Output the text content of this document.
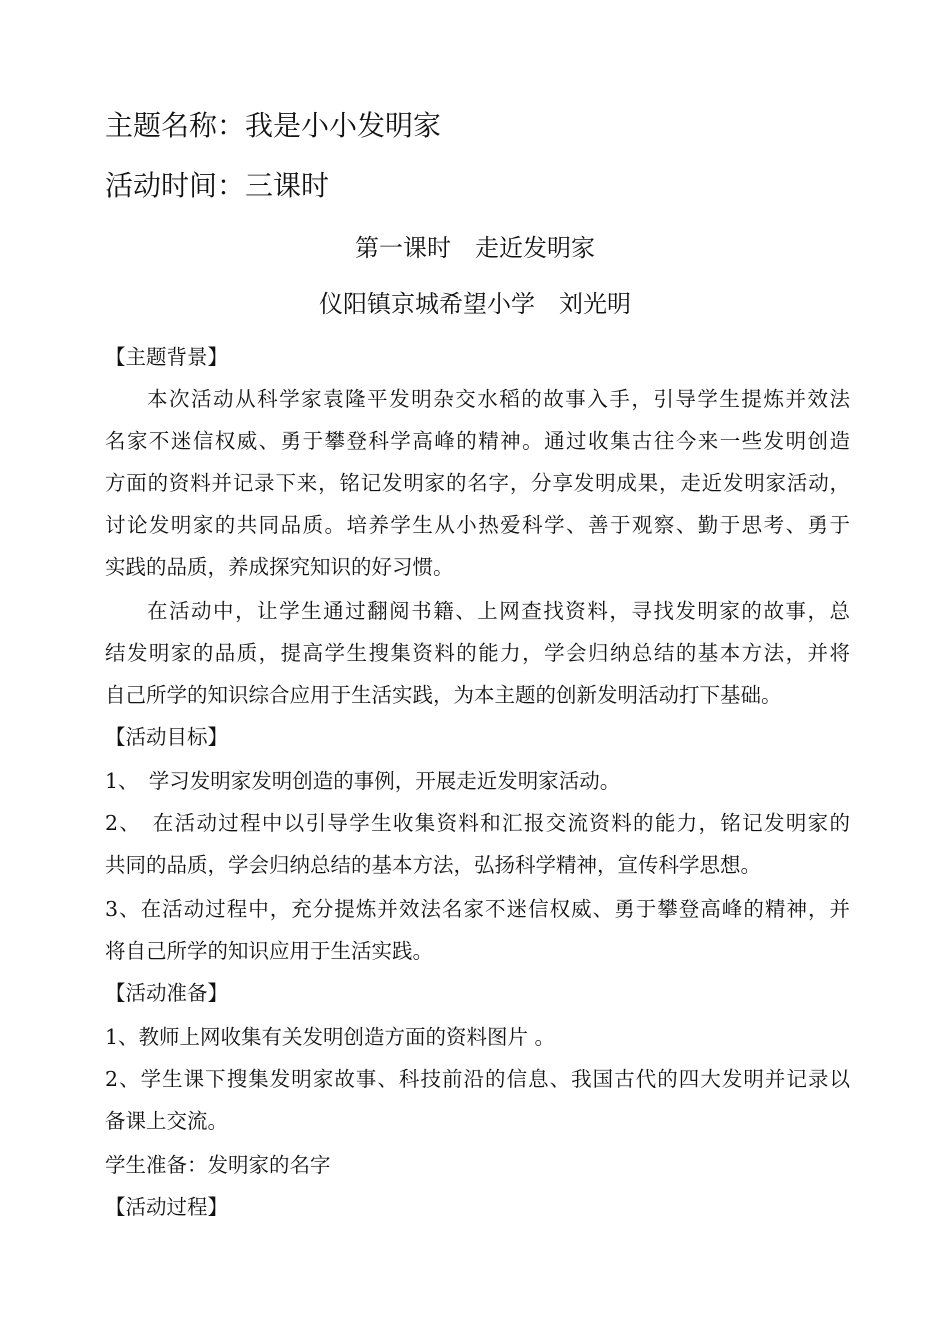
主题名称：我是小小发明家
活动时间：三课时
第一课时　走近发明家
仪阳镇京城希望小学　刘光明
【主题背景】
本次活动从科学家袁隆平发明杂交水稻的故事入手，引导学生提炼并效法
名家不迷信权威、勇于攀登科学高峰的精神。通过收集古往今来一些发明创造
方面的资料并记录下来，铭记发明家的名字，分享发明成果，走近发明家活动，
讨论发明家的共同品质。培养学生从小热爱科学、善于观察、勤于思考、勇于
实践的品质，养成探究知识的好习惯。
在活动中，让学生通过翻阅书籍、上网查找资料，寻找发明家的故事，总
结发明家的品质，提高学生搜集资料的能力，学会归纳总结的基本方法，并将
自己所学的知识综合应用于生活实践，为本主题的创新发明活动打下基础。
【活动目标】
1、　学习发明家发明创造的事例，开展走近发明家活动。
2、　在活动过程中以引导学生收集资料和汇报交流资料的能力，铭记发明家的
共同的品质，学会归纳总结的基本方法，弘扬科学精神，宣传科学思想。
3、在活动过程中，充分提炼并效法名家不迷信权威、勇于攀登高峰的精神，并
将自己所学的知识应用于生活实践。
【活动准备】
1、教师上网收集有关发明创造方面的资料图片 。
2、学生课下搜集发明家故事、科技前沿的信息、我国古代的四大发明并记录以
备课上交流。
学生准备：发明家的名字
【活动过程】
